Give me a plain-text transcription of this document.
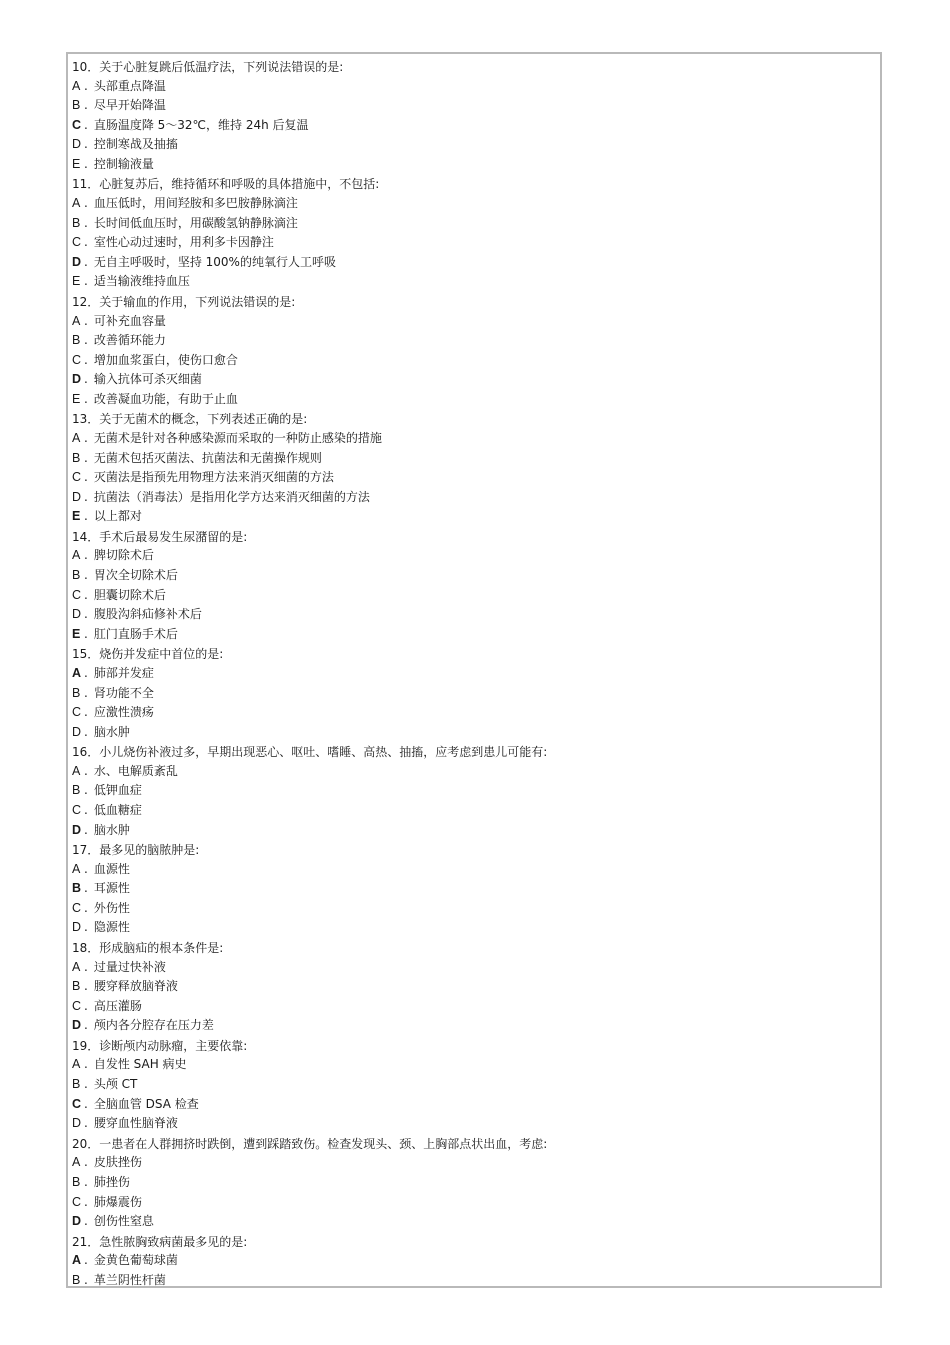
10．关于心脏复跳后低温疗法，下列说法错误的是:
A . 头部重点降温
B . 尽早开始降温
C . 直肠温度降 5～32℃，维持 24h 后复温
D . 控制寒战及抽搐
E . 控制输液量
11．心脏复苏后，维持循环和呼吸的具体措施中，不包括:
A . 血压低时，用间羟胺和多巴胺静脉滴注
B . 长时间低血压时，用碳酸氢钠静脉滴注
C . 室性心动过速时，用利多卡因静注
D . 无自主呼吸时，坚持 100%的纯氧行人工呼吸
E . 适当输液维持血压
12．关于输血的作用，下列说法错误的是:
A . 可补充血容量
B . 改善循环能力
C . 增加血浆蛋白，使伤口愈合
D . 输入抗体可杀灭细菌
E . 改善凝血功能，有助于止血
13．关于无菌术的概念，下列表述正确的是:
A . 无菌术是针对各种感染源而采取的一种防止感染的措施
B . 无菌术包括灭菌法、抗菌法和无菌操作规则
C . 灭菌法是指预先用物理方法来消灭细菌的方法
D . 抗菌法（消毒法）是指用化学方达来消灭细菌的方法
E . 以上都对
14．手术后最易发生尿潴留的是:
A . 脾切除术后
B . 胃次全切除术后
C . 胆囊切除术后
D . 腹股沟斜疝修补术后
E . 肛门直肠手术后
15．烧伤并发症中首位的是:
A . 肺部并发症
B . 肾功能不全
C . 应激性溃疡
D . 脑水肿
16．小儿烧伤补液过多，早期出现恶心、呕吐、嗜睡、高热、抽搐，应考虑到患儿可能有:
A . 水、电解质紊乱
B . 低钾血症
C . 低血糖症
D . 脑水肿
17．最多见的脑脓肿是:
A . 血源性
B . 耳源性
C . 外伤性
D . 隐源性
18．形成脑疝的根本条件是:
A . 过量过快补液
B . 腰穿释放脑脊液
C . 高压灌肠
D . 颅内各分腔存在压力差
19．诊断颅内动脉瘤，主要依靠:
A . 自发性 SAH 病史
B . 头颅 CT
C . 全脑血管 DSA 检查
D . 腰穿血性脑脊液
20．一患者在人群拥挤时跌倒，遭到踩踏致伤。检查发现头、颈、上胸部点状出血，考虑:
A . 皮肤挫伤
B . 肺挫伤
C . 肺爆震伤
D . 创伤性窒息
21．急性脓胸致病菌最多见的是:
A . 金黄色葡萄球菌
B . 革兰阴性杆菌
